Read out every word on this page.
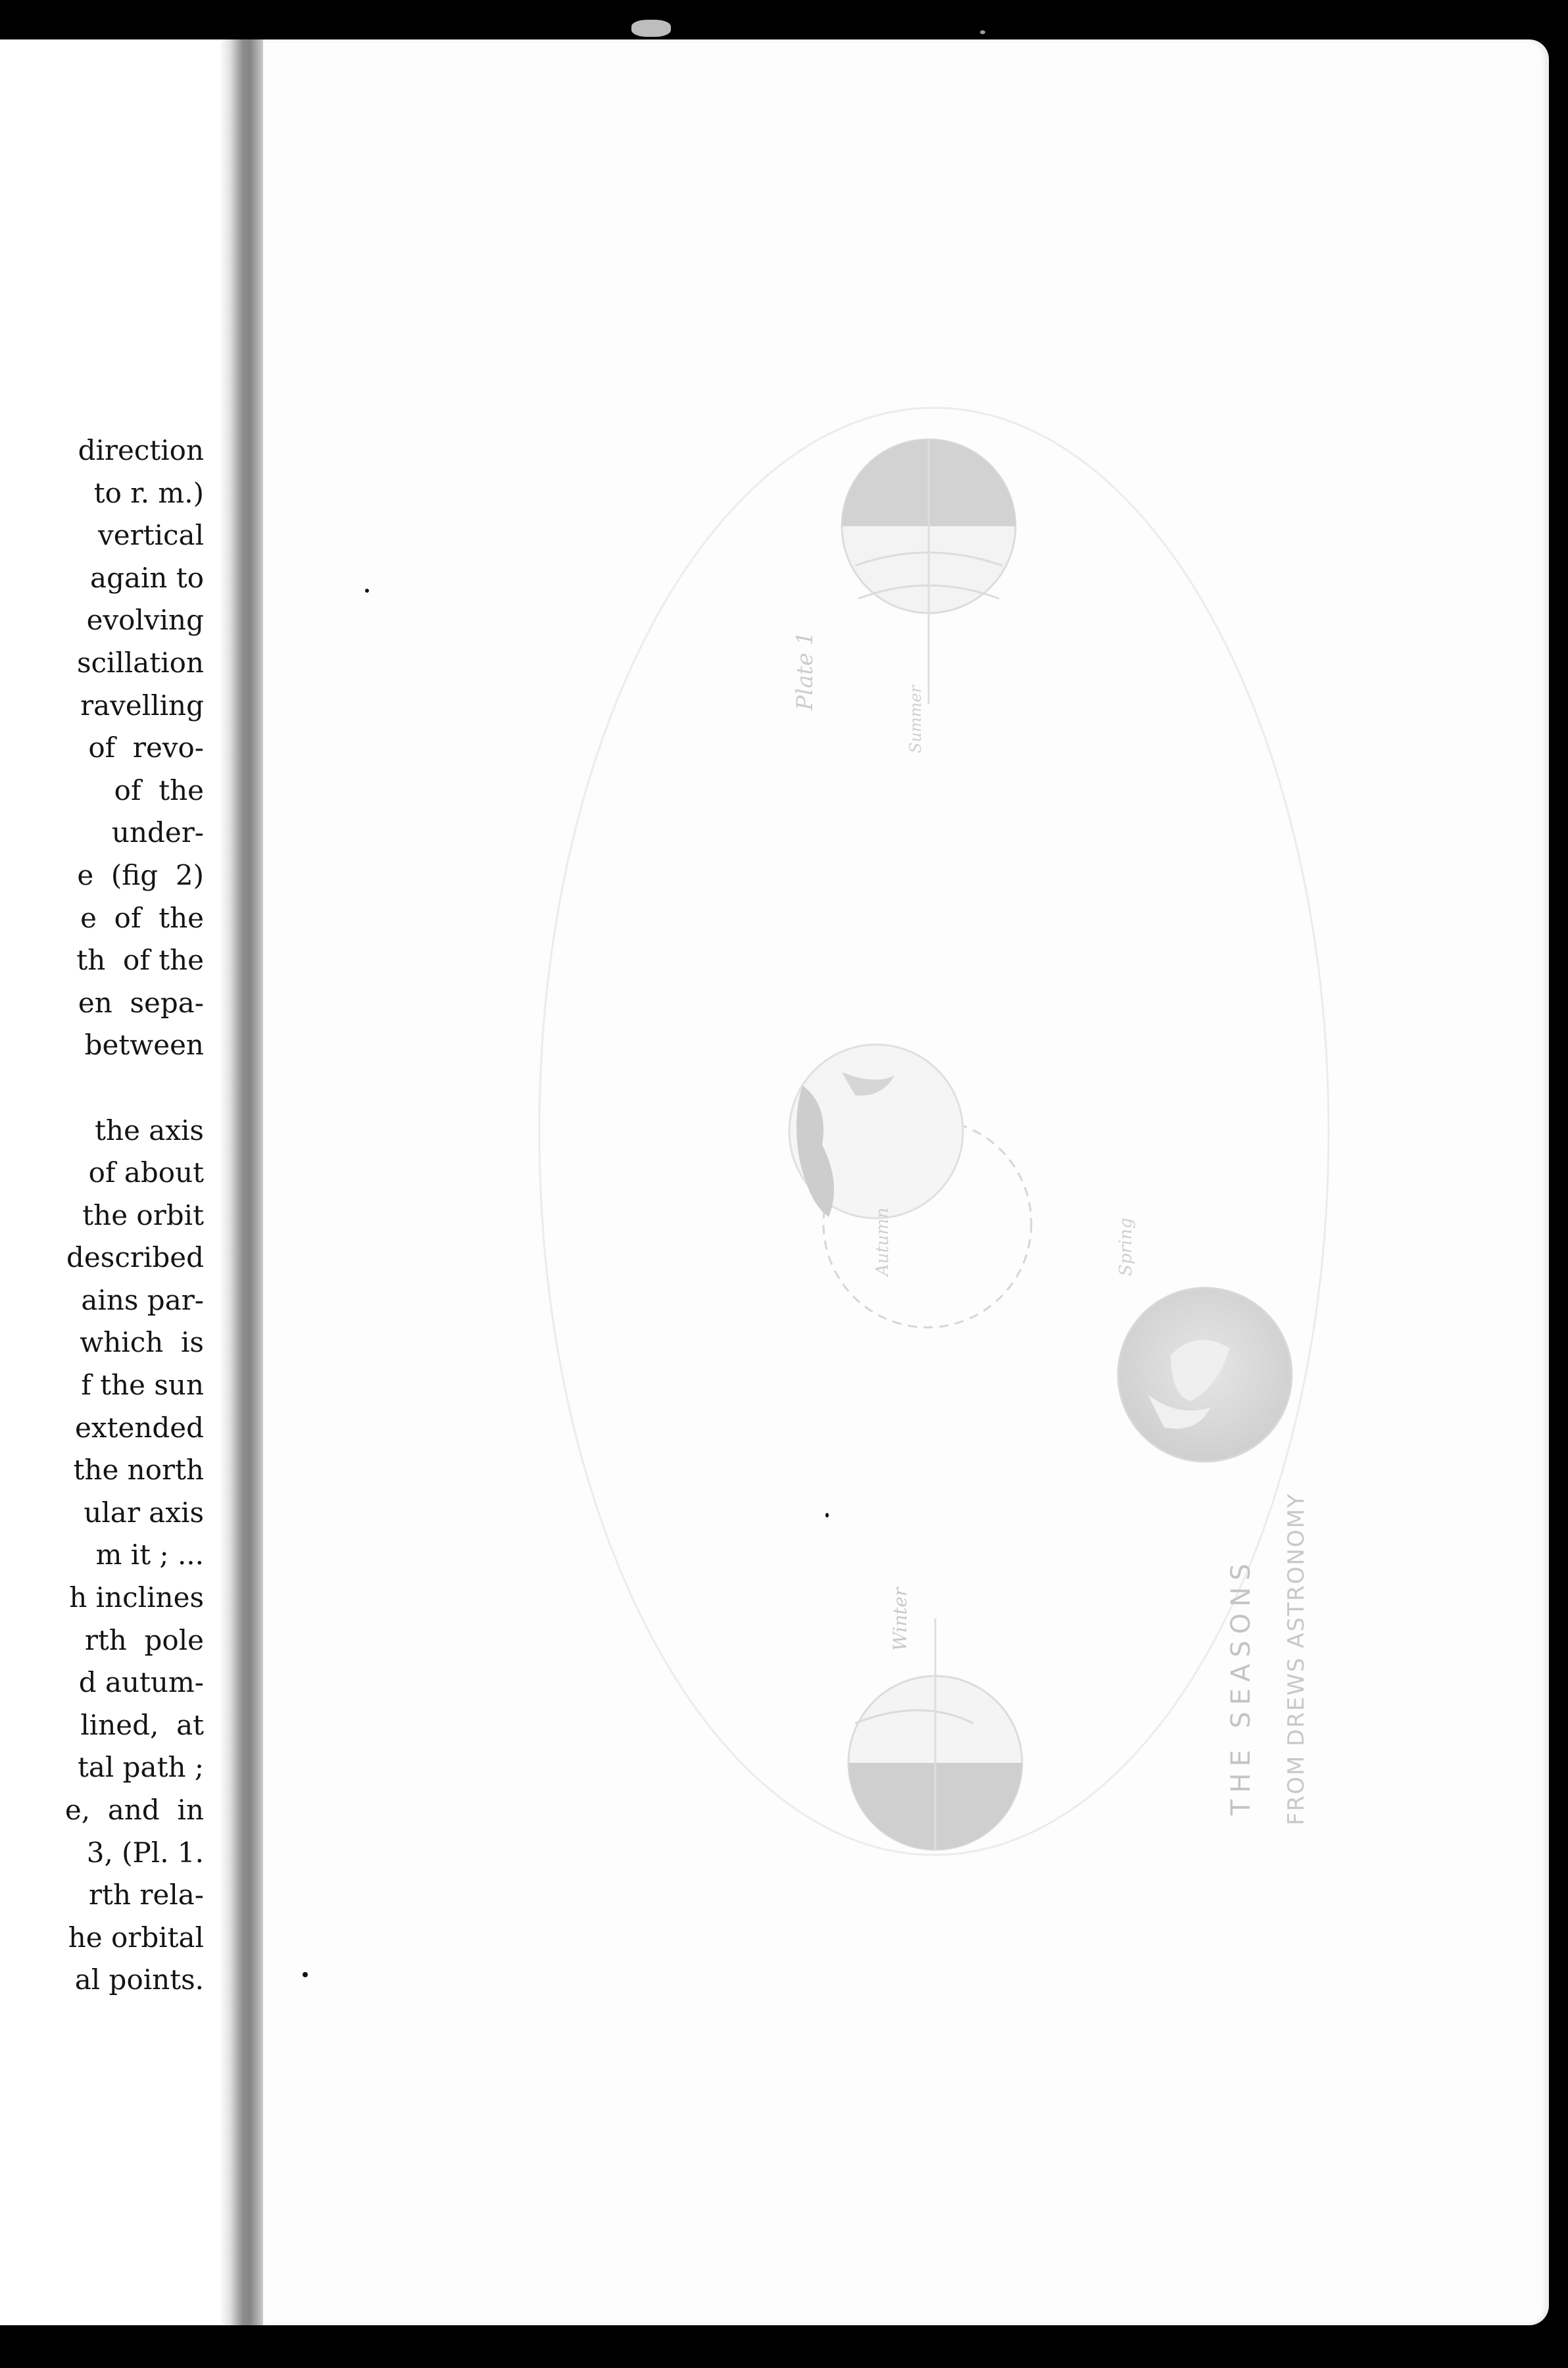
direction
to r. m.)
vertical
again to
evolving
scillation
ravelling
of  revo-
of  the
under-
e  (fig  2)
e  of  the
th  of the
en  sepa-
between

the axis
of about
the orbit
described
ains par-
which  is
f the sun
extended
the north
ular axis
m it ; ...
h inclines
rth  pole
d autum-
lined,  at
tal path ;
e,  and  in
3, (Pl. 1.
rth rela-
he orbital
al points.
Plate 1
Summer
Autumn	Spring
Winter	THE SEASONS FROM DREWS ASTRONOMY
